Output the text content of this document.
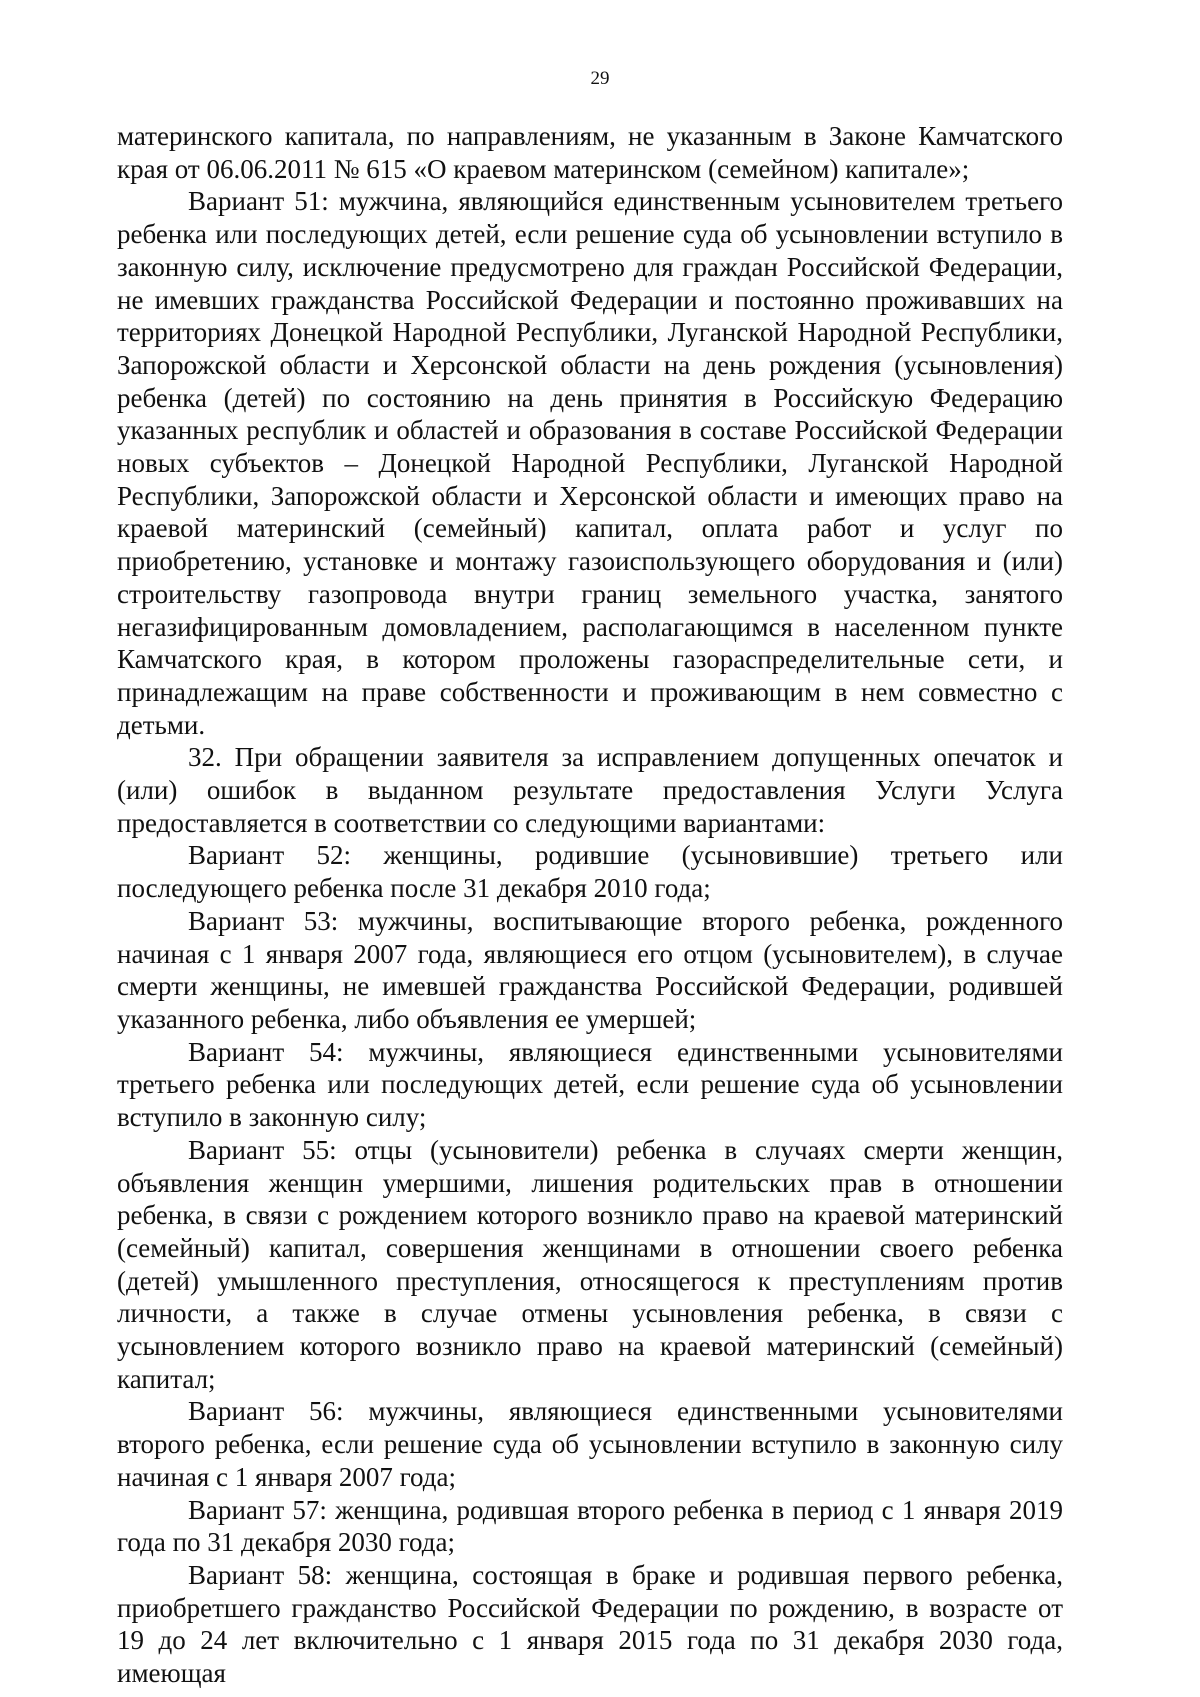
29

материнского капитала, по направлениям, не указанным в Законе Камчатского края от 06.06.2011 № 615 «О краевом материнском (семейном) капитале»;

Вариант 51: мужчина, являющийся единственным усыновителем третьего ребенка или последующих детей, если решение суда об усыновлении вступило в законную силу, исключение предусмотрено для граждан Российской Федерации, не имевших гражданства Российской Федерации и постоянно проживавших на территориях Донецкой Народной Республики, Луганской Народной Республики, Запорожской области и Херсонской области на день рождения (усыновления) ребенка (детей) по состоянию на день принятия в Российскую Федерацию указанных республик и областей и образования в составе Российской Федерации новых субъектов – Донецкой Народной Республики, Луганской Народной Республики, Запорожской области и Херсонской области и имеющих право на краевой материнский (семейный) капитал, оплата работ и услуг по приобретению, установке и монтажу газоиспользующего оборудования и (или) строительству газопровода внутри границ земельного участка, занятого негазифицированным домовладением, располагающимся в населенном пункте Камчатского края, в котором проложены газораспределительные сети, и принадлежащим на праве собственности и проживающим в нем совместно с детьми.

32. При обращении заявителя за исправлением допущенных опечаток и (или) ошибок в выданном результате предоставления Услуги Услуга предоставляется в соответствии со следующими вариантами:

Вариант 52: женщины, родившие (усыновившие) третьего или последующего ребенка после 31 декабря 2010 года;

Вариант 53: мужчины, воспитывающие второго ребенка, рожденного начиная с 1 января 2007 года, являющиеся его отцом (усыновителем), в случае смерти женщины, не имевшей гражданства Российской Федерации, родившей указанного ребенка, либо объявления ее умершей;

Вариант 54: мужчины, являющиеся единственными усыновителями третьего ребенка или последующих детей, если решение суда об усыновлении вступило в законную силу;

Вариант 55: отцы (усыновители) ребенка в случаях смерти женщин, объявления женщин умершими, лишения родительских прав в отношении ребенка, в связи с рождением которого возникло право на краевой материнский (семейный) капитал, совершения женщинами в отношении своего ребенка (детей) умышленного преступления, относящегося к преступлениям против личности, а также в случае отмены усыновления ребенка, в связи с усыновлением которого возникло право на краевой материнский (семейный) капитал;

Вариант 56: мужчины, являющиеся единственными усыновителями второго ребенка, если решение суда об усыновлении вступило в законную силу начиная с 1 января 2007 года;

Вариант 57: женщина, родившая второго ребенка в период с 1 января 2019 года по 31 декабря 2030 года;

Вариант 58: женщина, состоящая в браке и родившая первого ребенка, приобретшего гражданство Российской Федерации по рождению, в возрасте от 19 до 24 лет включительно с 1 января 2015 года по 31 декабря 2030 года, имеющая
